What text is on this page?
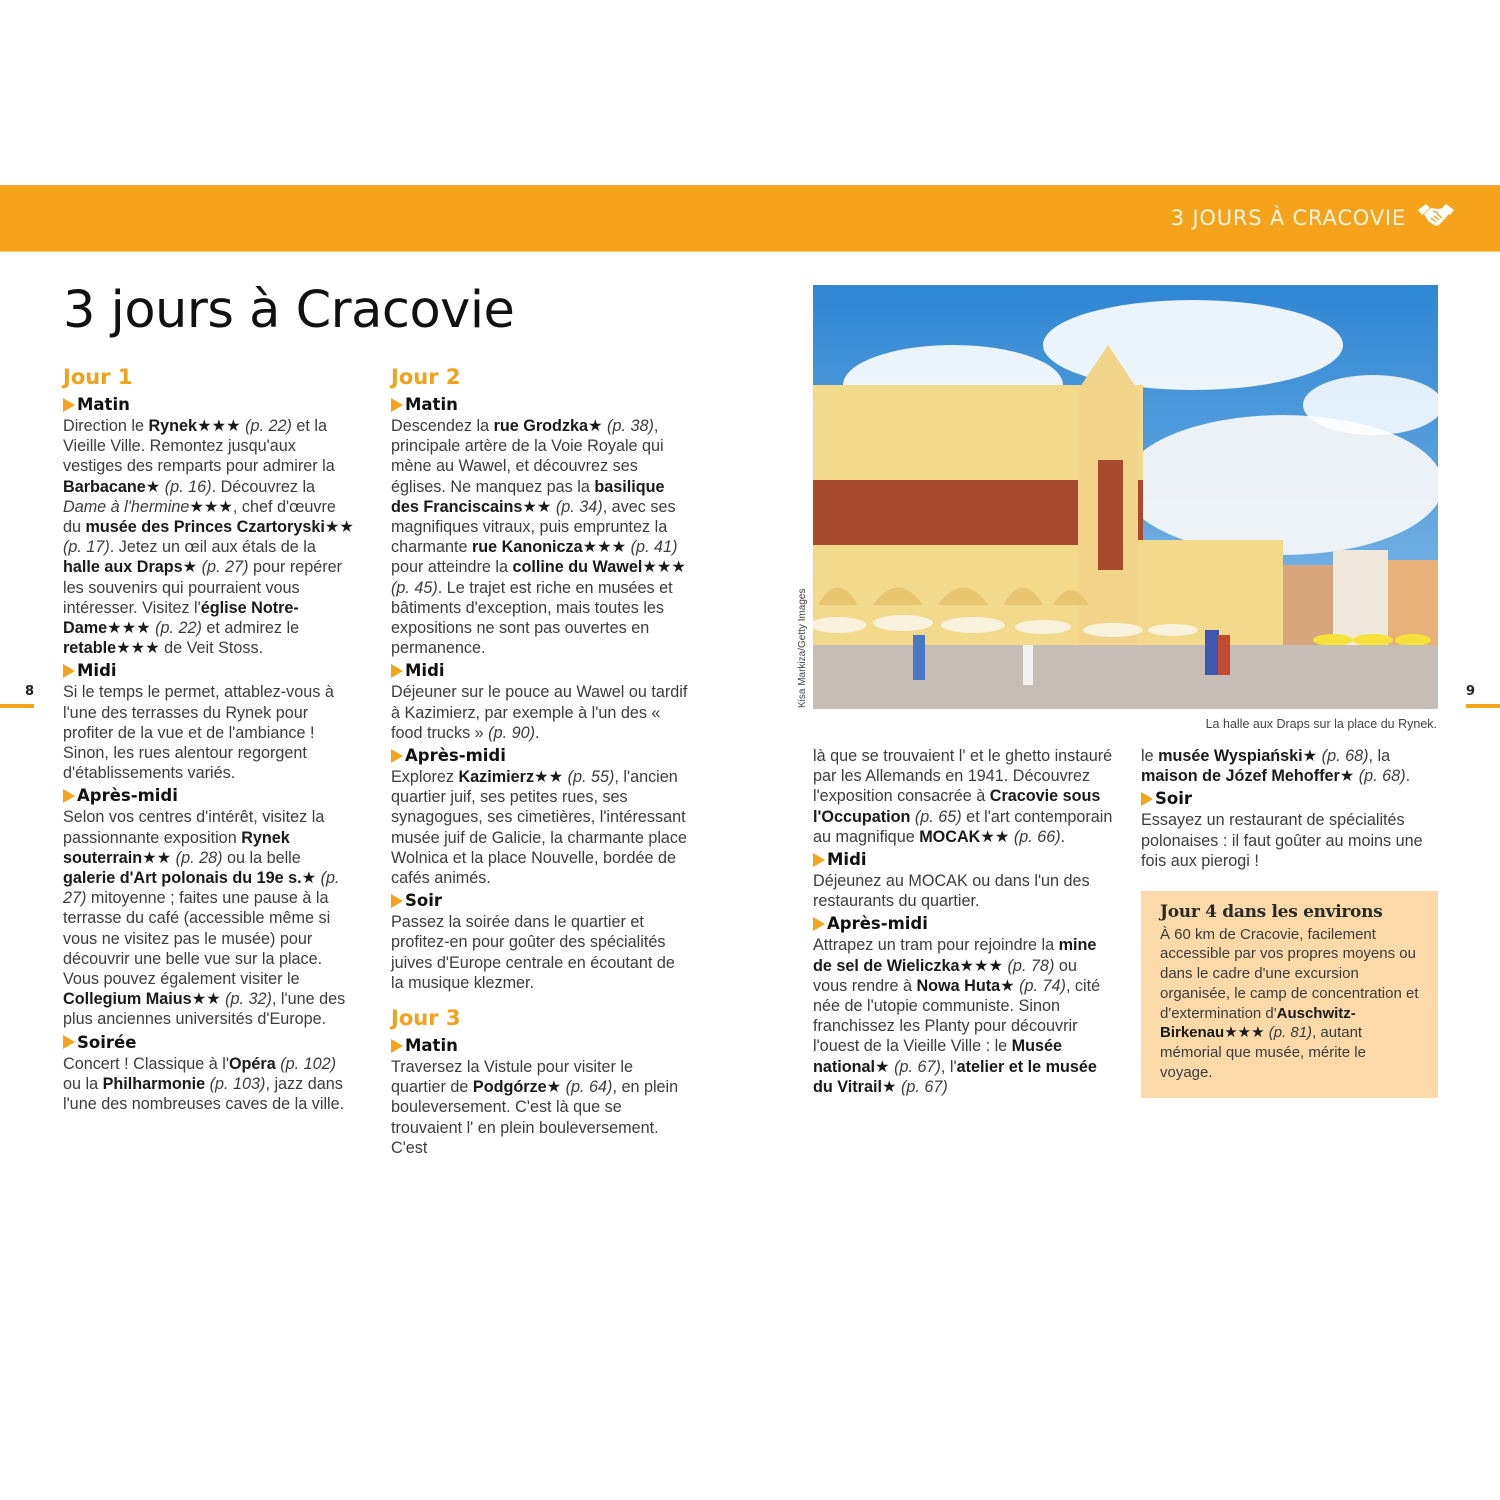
3 JOURS À CRACOVIE
3 jours à Cracovie
8	9
Jour 1
Matin

Direction le Rynek★★★ (p. 22) et la Vieille Ville. Remontez jusqu'aux vestiges des remparts pour admirer la Barbacane★ (p. 16). Découvrez la Dame à l'hermine★★★, chef d'œuvre du musée des Princes Czartoryski★★ (p. 17). Jetez un œil aux étals de la halle aux Draps★ (p. 27) pour repérer les souvenirs qui pourraient vous intéresser. Visitez l'église Notre-Dame★★★ (p. 22) et admirez le retable★★★ de Veit Stoss.

Midi

Si le temps le permet, attablez-vous à l'une des terrasses du Rynek pour profiter de la vue et de l'ambiance ! Sinon, les rues alentour regorgent d'établissements variés.

Après-midi

Selon vos centres d'intérêt, visitez la passionnante exposition Rynek souterrain★★ (p. 28) ou la belle galerie d'Art polonais du 19e s.★ (p. 27) mitoyenne ; faites une pause à la terrasse du café (accessible même si vous ne visitez pas le musée) pour découvrir une belle vue sur la place. Vous pouvez également visiter le Collegium Maius★★ (p. 32), l'une des plus anciennes universités d'Europe.

Soirée

Concert ! Classique à l'Opéra (p. 102) ou la Philharmonie (p. 103), jazz dans l'une des nombreuses caves de la ville.

Jour 2
Matin

Descendez la rue Grodzka★ (p. 38), principale artère de la Voie Royale qui mène au Wawel, et découvrez ses églises. Ne manquez pas la basilique des Franciscains★★ (p. 34), avec ses magnifiques vitraux, puis empruntez la charmante rue Kanonicza★★★ (p. 41) pour atteindre la colline du Wawel★★★ (p. 45). Le trajet est riche en musées et bâtiments d'exception, mais toutes les expositions ne sont pas ouvertes en permanence.

Midi

Déjeuner sur le pouce au Wawel ou tardif à Kazimierz, par exemple à l'un des « food trucks » (p. 90).

Après-midi

Explorez Kazimierz★★ (p. 55), l'ancien quartier juif, ses petites rues, ses synagogues, ses cimetières, l'intéressant musée juif de Galicie, la charmante place Wolnica et la place Nouvelle, bordée de cafés animés.

Soir

Passez la soirée dans le quartier et profitez-en pour goûter des spécialités juives d'Europe centrale en écoutant de la musique klezmer.

Jour 3
Matin

Traversez la Vistule pour visiter le quartier de Podgórze★ (p. 64), en plein bouleversement. C'est là que se trouvaient l' en plein bouleversement. C'est

Kisa Markiza/Getty Images
La halle aux Draps sur la place du Rynek.

là que se trouvaient l' et le ghetto instauré par les Allemands en 1941. Découvrez l'exposition consacrée à Cracovie sous l'Occupation (p. 65) et l'art contemporain au magnifique MOCAK★★ (p. 66).

Midi

Déjeunez au MOCAK ou dans l'un des restaurants du quartier.

Après-midi

Attrapez un tram pour rejoindre la mine de sel de Wieliczka★★★ (p. 78) ou vous rendre à Nowa Huta★ (p. 74), cité née de l'utopie communiste. Sinon franchissez les Planty pour découvrir l'ouest de la Vieille Ville : le Musée national★ (p. 67), l'atelier et le musée du Vitrail★ (p. 67)

le musée Wyspiański★ (p. 68), la maison de Józef Mehoffer★ (p. 68).

Soir

Essayez un restaurant de spécialités polonaises : il faut goûter au moins une fois aux pierogi !

Jour 4 dans les environs

À 60 km de Cracovie, facilement accessible par vos propres moyens ou dans le cadre d'une excursion organisée, le camp de concentration et d'extermination d'Auschwitz-Birkenau★★★ (p. 81), autant mémorial que musée, mérite le voyage.
